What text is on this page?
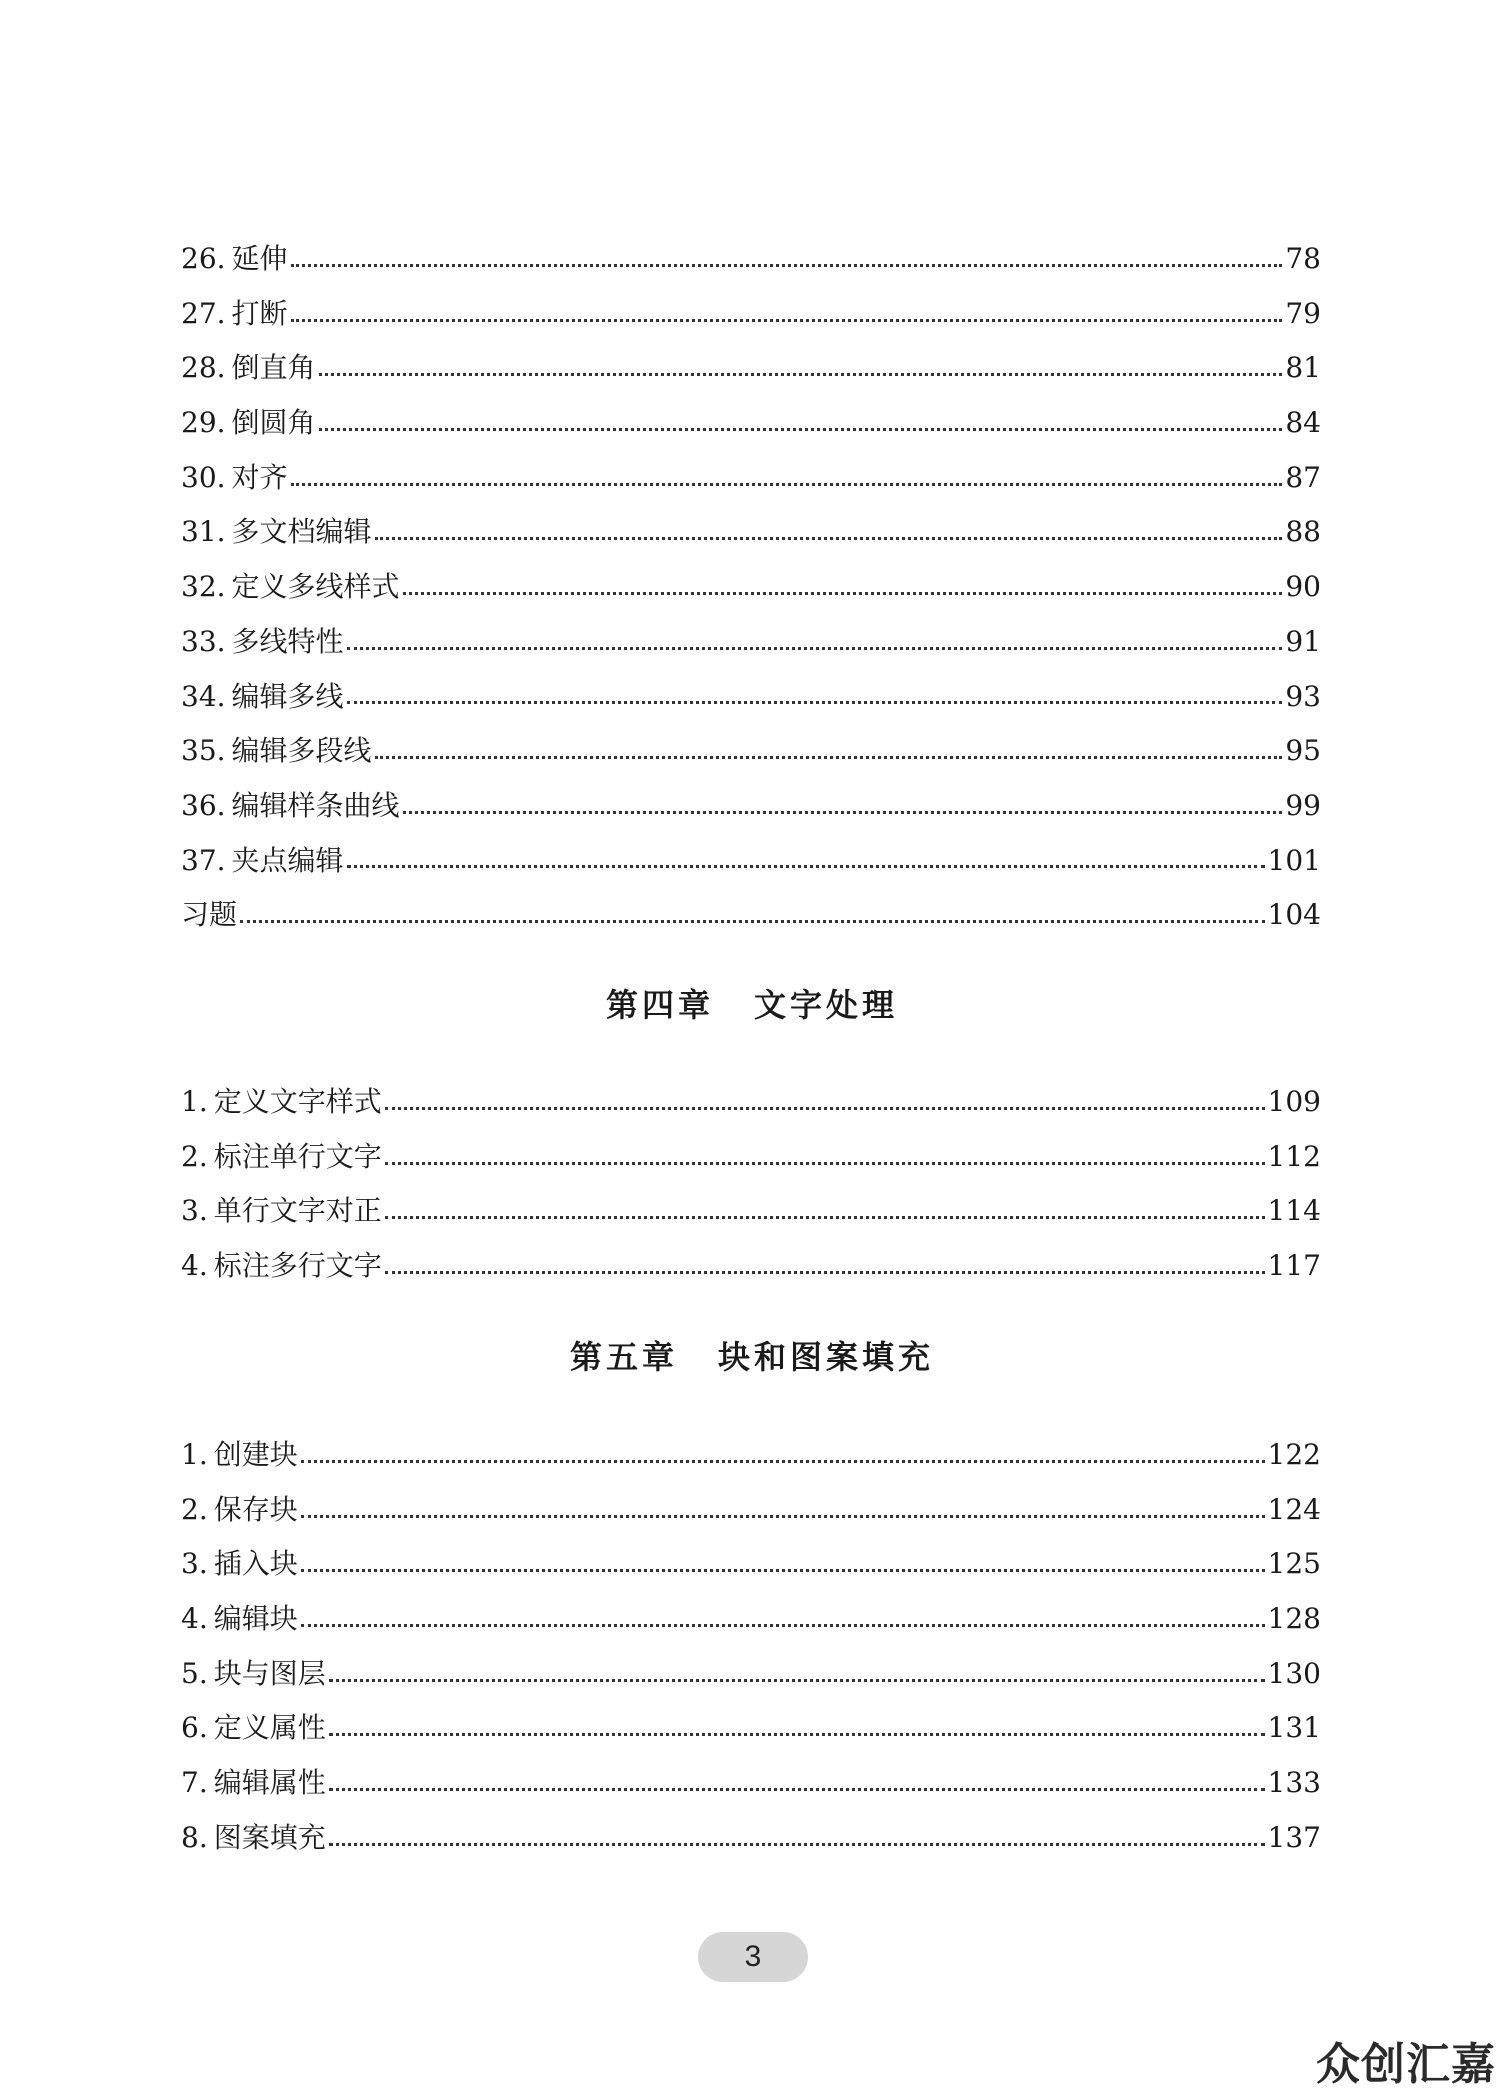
26. 延伸	78
27. 打断	79
28. 倒直角	81
29. 倒圆角	84
30. 对齐	87
31. 多文档编辑	88
32. 定义多线样式	90
33. 多线特性	91
34. 编辑多线	93
35. 编辑多段线	95
36. 编辑样条曲线	99
37. 夹点编辑	101
习题	104
第四章 文字处理
1. 定义文字样式	109
2. 标注单行文字	112
3. 单行文字对正	114
4. 标注多行文字	117
第五章 块和图案填充
1. 创建块	122
2. 保存块	124
3. 插入块	125
4. 编辑块	128
5. 块与图层	130
6. 定义属性	131
7. 编辑属性	133
8. 图案填充	137
3
众创汇嘉
